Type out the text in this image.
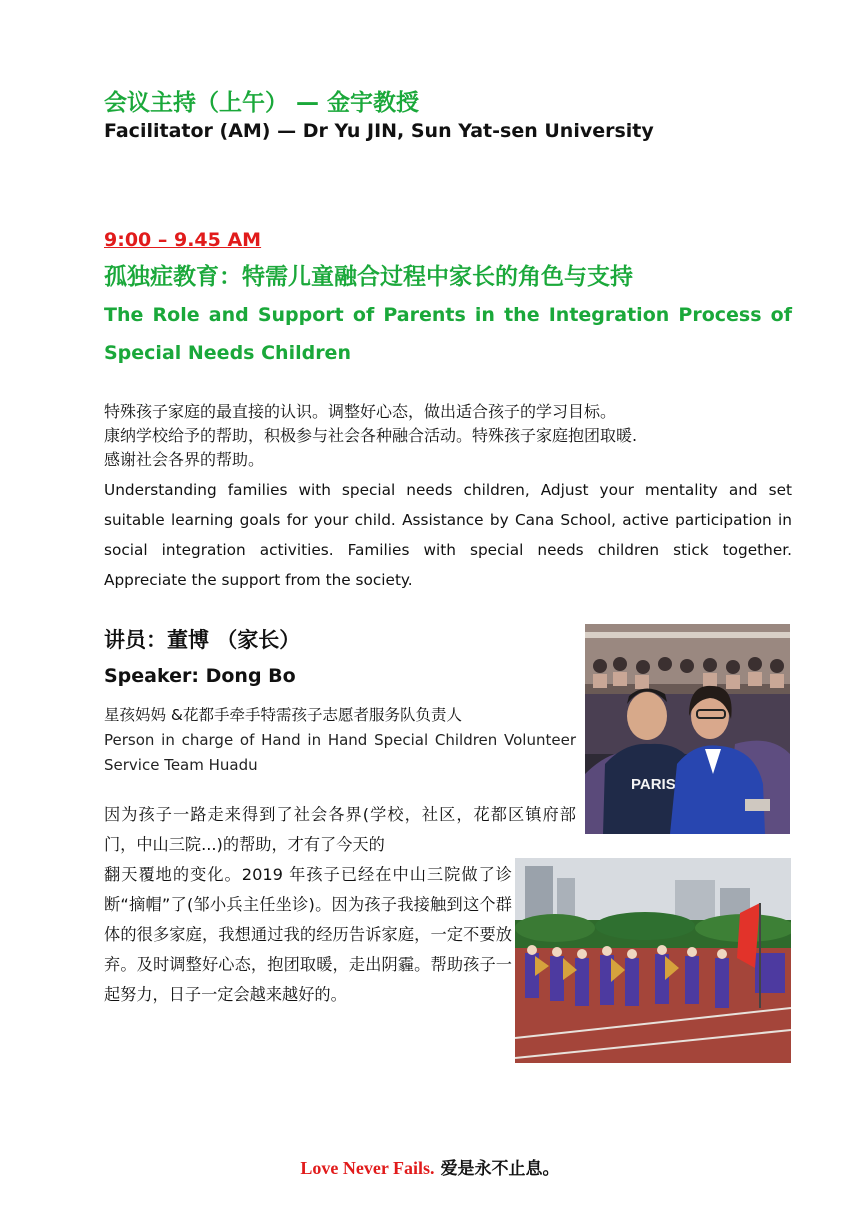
会议主持（上午） — 金宇教授
Facilitator (AM) — Dr Yu JIN, Sun Yat-sen University
9:00 – 9.45 AM
孤独症教育：特需儿童融合过程中家长的角色与支持
The Role and Support of Parents in the Integration Process of Special Needs Children
特殊孩子家庭的最直接的认识。调整好心态，做出适合孩子的学习目标。
康纳学校给予的帮助，积极参与社会各种融合活动。特殊孩子家庭抱团取暖.
感谢社会各界的帮助。
Understanding families with special needs children, Adjust your mentality and set suitable learning goals for your child. Assistance by Cana School, active participation in social integration activities. Families with special needs children stick together. Appreciate the support from the society.
讲员：董博 （家长）
Speaker: Dong Bo
星孩妈妈 &花都手牵手特需孩子志愿者服务队负责人
Person in charge of Hand in Hand Special Children Volunteer Service Team Huadu
因为孩子一路走来得到了社会各界(学校，社区，花都区镇府部门，中山三院...)的帮助，才有了今天的
翻天覆地的变化。2019 年孩子已经在中山三院做了诊断“摘帽”了(邹小兵主任坐诊)。因为孩子我接触到这个群体的很多家庭，我想通过我的经历告诉家庭，一定不要放弃。及时调整好心态，抱团取暖，走出阴霾。帮助孩子一起努力，日子一定会越来越好的。
PARIS
Love Never Fails. 爱是永不止息。
